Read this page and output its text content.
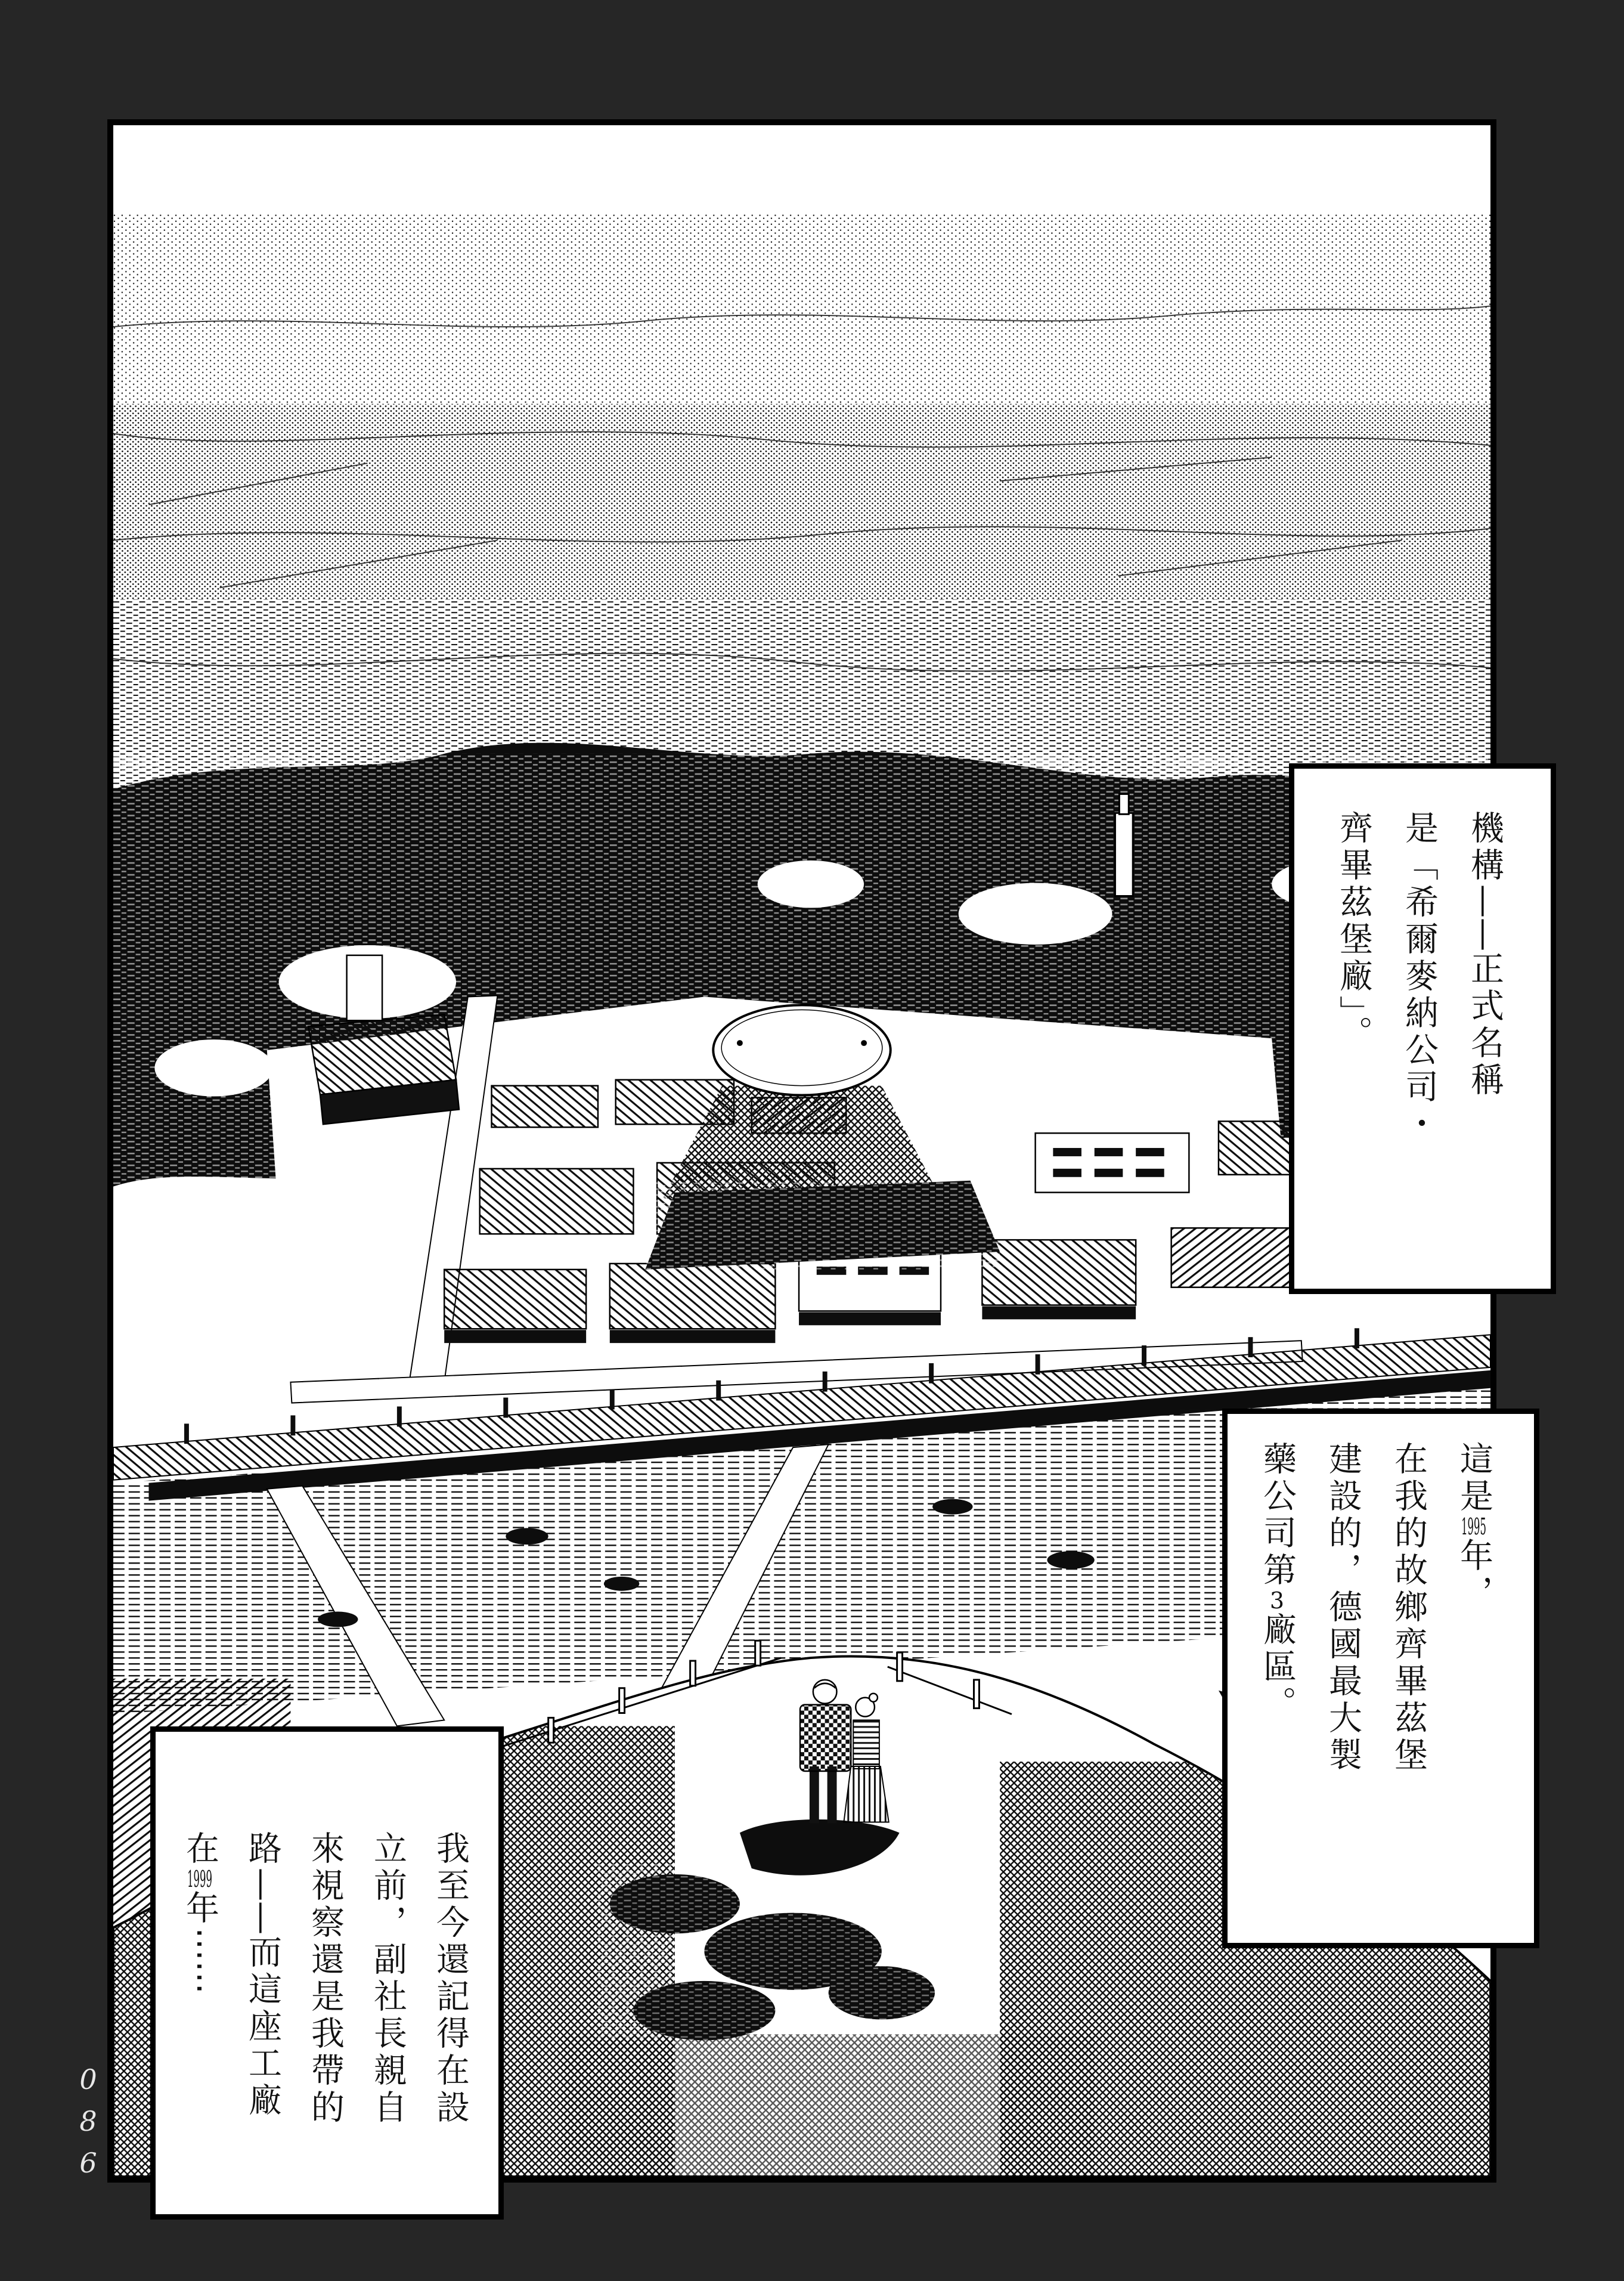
機構——正式名稱
是「希爾麥納公司・
齊畢茲堡廠」。
這是1995年，
在我的故鄉齊畢茲堡
建設的，德國最大製
藥公司第3廠區。
我至今還記得在設
立前，副社長親自
來視察還是我帶的
路——而這座工廠
在1999年⋯⋯
0
8
6
